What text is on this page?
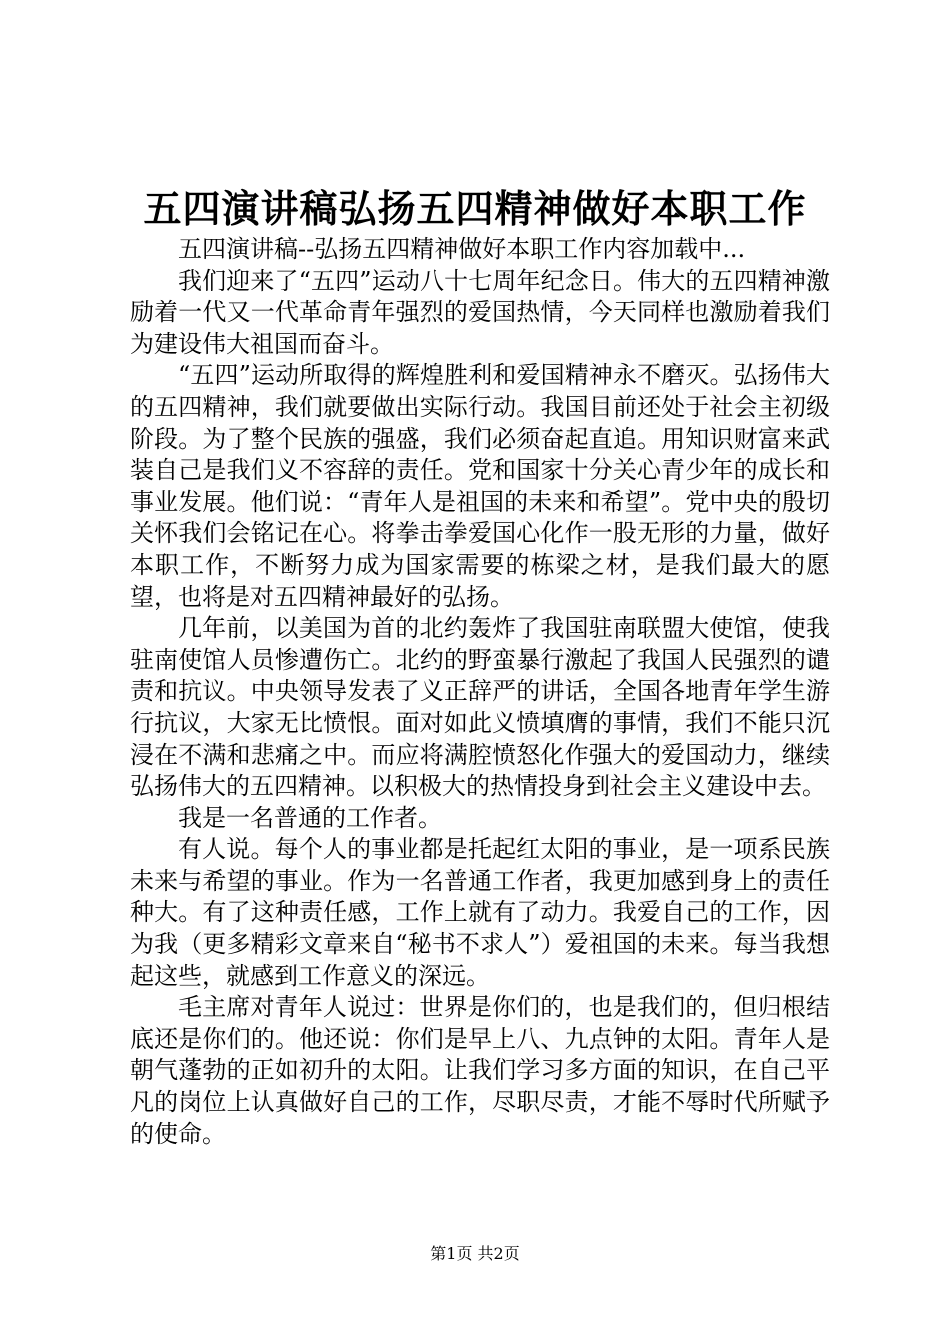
五四演讲稿弘扬五四精神做好本职工作

五四演讲稿--弘扬五四精神做好本职工作内容加载中...

我们迎来了“五四”运动八十七周年纪念日。伟大的五四精神激励着一代又一代革命青年强烈的爱国热情，今天同样也激励着我们为建设伟大祖国而奋斗。

“五四”运动所取得的辉煌胜利和爱国精神永不磨灭。弘扬伟大的五四精神，我们就要做出实际行动。我国目前还处于社会主初级阶段。为了整个民族的强盛，我们必须奋起直追。用知识财富来武装自己是我们义不容辞的责任。党和国家十分关心青少年的成长和事业发展。他们说：“青年人是祖国的未来和希望”。党中央的殷切关怀我们会铭记在心。将拳击拳爱国心化作一股无形的力量，做好本职工作，不断努力成为国家需要的栋梁之材，是我们最大的愿望，也将是对五四精神最好的弘扬。

几年前，以美国为首的北约轰炸了我国驻南联盟大使馆，使我驻南使馆人员惨遭伤亡。北约的野蛮暴行激起了我国人民强烈的谴责和抗议。中央领导发表了义正辞严的讲话，全国各地青年学生游行抗议，大家无比愤恨。面对如此义愤填膺的事情，我们不能只沉浸在不满和悲痛之中。而应将满腔愤怒化作强大的爱国动力，继续弘扬伟大的五四精神。以积极大的热情投身到社会主义建设中去。

我是一名普通的工作者。

有人说。每个人的事业都是托起红太阳的事业，是一项系民族未来与希望的事业。作为一名普通工作者，我更加感到身上的责任种大。有了这种责任感，工作上就有了动力。我爱自己的工作，因为我（更多精彩文章来自“秘书不求人”）爱祖国的未来。每当我想起这些，就感到工作意义的深远。

毛主席对青年人说过：世界是你们的，也是我们的，但归根结底还是你们的。他还说：你们是早上八、九点钟的太阳。青年人是朝气蓬勃的正如初升的太阳。让我们学习多方面的知识，在自己平凡的岗位上认真做好自己的工作，尽职尽责，才能不辱时代所赋予的使命。

第1页 共2页
